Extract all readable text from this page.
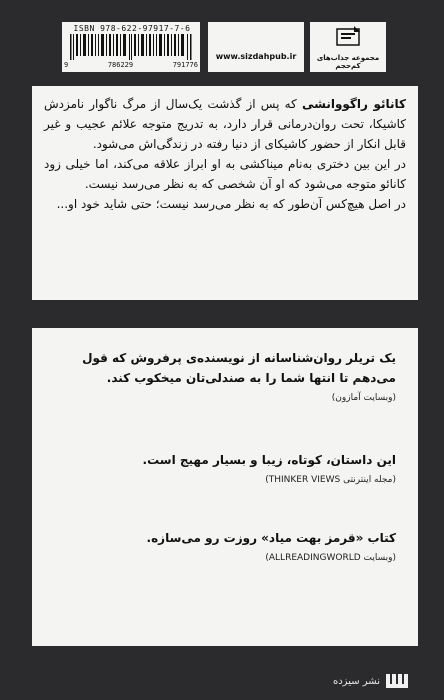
ISBN 978-622-97917-7-6
9	786229	791776
www.sizdahpub.ir	مجموعه جذاب‌های کم‌حجم

کانائو راگووانشی که پس از گذشت یک‌سال از مرگ ناگوار نامزدش کاشیکا، تحت روان‌درمانی قرار دارد، به تدریج متوجه علائم عجیب و غیر قابل انکار از حضور کاشیکای از دنیا رفته در زندگی‌اش می‌شود.

در این بین دختری به‌نام میناکشی به او ابراز علاقه می‌کند، اما خیلی زود کانائو متوجه می‌شود که او آن شخصی که به نظر می‌رسد نیست.

در اصل هیچ‌کس آن‌طور که به نظر می‌رسد نیست؛ حتی شاید خود او...

یک تریلر روان‌شناسانه از نویسنده‌ی پرفروش که قول می‌دهم تا انتها شما را به صندلی‌تان میخکوب کند.

(وبسایت آمازون)

این داستان، کوتاه، زیبا و بسیار مهیج است.

(مجله اینترنتی THINKER VIEWS)

کتاب «قرمز بهت میاد» روزت رو می‌سازه.

(وبسایت ALLREADINGWORLD)

نشر سیزده
